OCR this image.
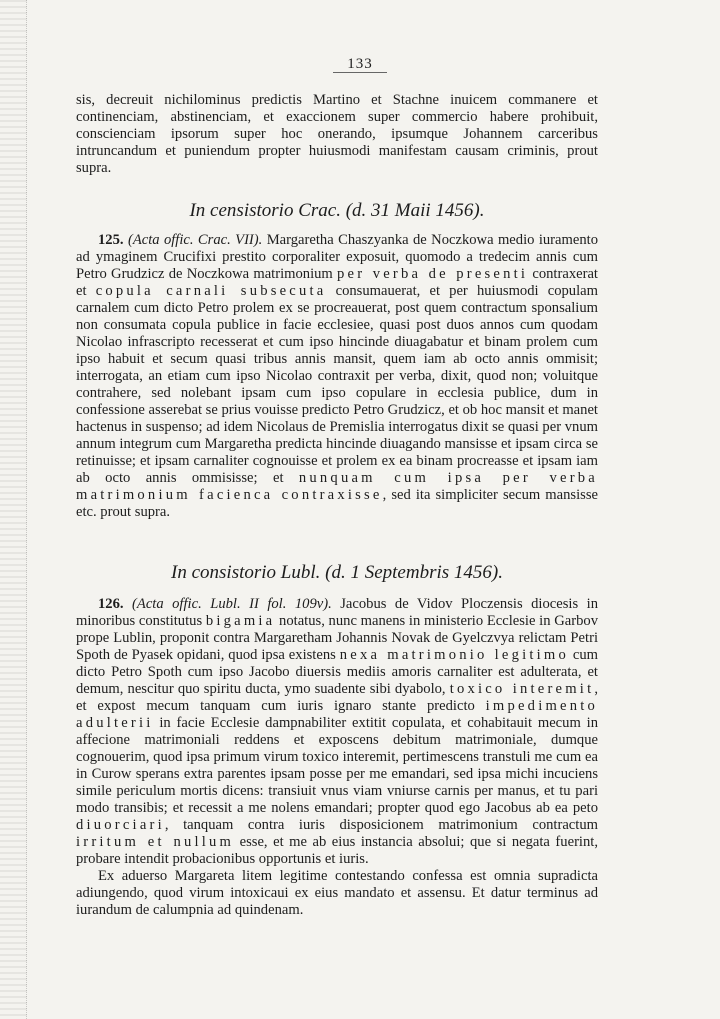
133

sis, decreuit nichilominus predictis Martino et Stachne inuicem commanere et continenciam, abstinenciam, et exaccionem super commercio habere prohibuit, conscienciam ipsorum super hoc onerando, ipsumque Johannem carceribus intruncandum et puniendum propter huiusmodi manifestam causam criminis, prout supra.

In censistorio Crac. (d. 31 Maii 1456).

125. (Acta offic. Crac. VII). Margaretha Chaszyanka de Noczkowa medio iuramento ad ymaginem Crucifixi prestito corporaliter exposuit, quomodo a tredecim annis cum Petro Grudzicz de Noczkowa matrimonium per verba de presenti contraxerat et copula carnali subsecuta consumauerat, et per huiusmodi copulam carnalem cum dicto Petro prolem ex se procreauerat, post quem contractum sponsalium non consumata copula publice in facie ecclesiee, quasi post duos annos cum quodam Nicolao infrascripto recesserat et cum ipso hincinde diuagabatur et binam prolem cum ipso habuit et secum quasi tribus annis mansit, quem iam ab octo annis ommisit; interrogata, an etiam cum ipso Nicolao contraxit per verba, dixit, quod non; voluitque contrahere, sed nolebant ipsam cum ipso copulare in ecclesia publice, dum in confessione asserebat se prius vouisse predicto Petro Grudzicz, et ob hoc mansit et manet hactenus in suspenso; ad idem Nicolaus de Premislia interrogatus dixit se quasi per vnum annum integrum cum Margaretha predicta hincinde diuagando mansisse et ipsam circa se retinuisse; et ipsam carnaliter cognouisse et prolem ex ea binam procreasse et ipsam iam ab octo annis ommisisse; et nunquam cum ipsa per verba matrimonium facienca contraxisse, sed ita simpliciter secum mansisse etc. prout supra.

In consistorio Lubl. (d. 1 Septembris 1456).

126. (Acta offic. Lubl. II fol. 109v). Jacobus de Vidov Ploczensis diocesis in minoribus constitutus bigamia notatus, nunc manens in ministerio Ecclesie in Garbov prope Lublin, proponit contra Margaretham Johannis Novak de Gyelczvya relictam Petri Spoth de Pyasek opidani, quod ipsa existens nexa matrimonio legitimo cum dicto Petro Spoth cum ipso Jacobo diuersis mediis amoris carnaliter est adulterata, et demum, nescitur quo spiritu ducta, ymo suadente sibi dyabolo, toxico interemit, et expost mecum tanquam cum iuris ignaro stante predicto impedimento adulterii in facie Ecclesie dampnabiliter extitit copulata, et cohabitauit mecum in affecione matrimoniali reddens et exposcens debitum matrimoniale, dumque cognouerim, quod ipsa primum virum toxico interemit, pertimescens transtuli me cum ea in Curow sperans extra parentes ipsam posse per me emandari, sed ipsa michi incuciens simile periculum mortis dicens: transiuit vnus viam vniurse carnis per manus, et tu pari modo transibis; et recessit a me nolens emandari; propter quod ego Jacobus ab ea peto diuorciari, tanquam contra iuris disposicionem matrimonium contractum irritum et nullum esse, et me ab eius instancia absolui; que si negata fuerint, probare intendit probacionibus opportunis et iuris.

Ex aduerso Margareta litem legitime contestando confessa est omnia supradicta adiungendo, quod virum intoxicaui ex eius mandato et assensu. Et datur terminus ad iurandum de calumpnia ad quindenam.
